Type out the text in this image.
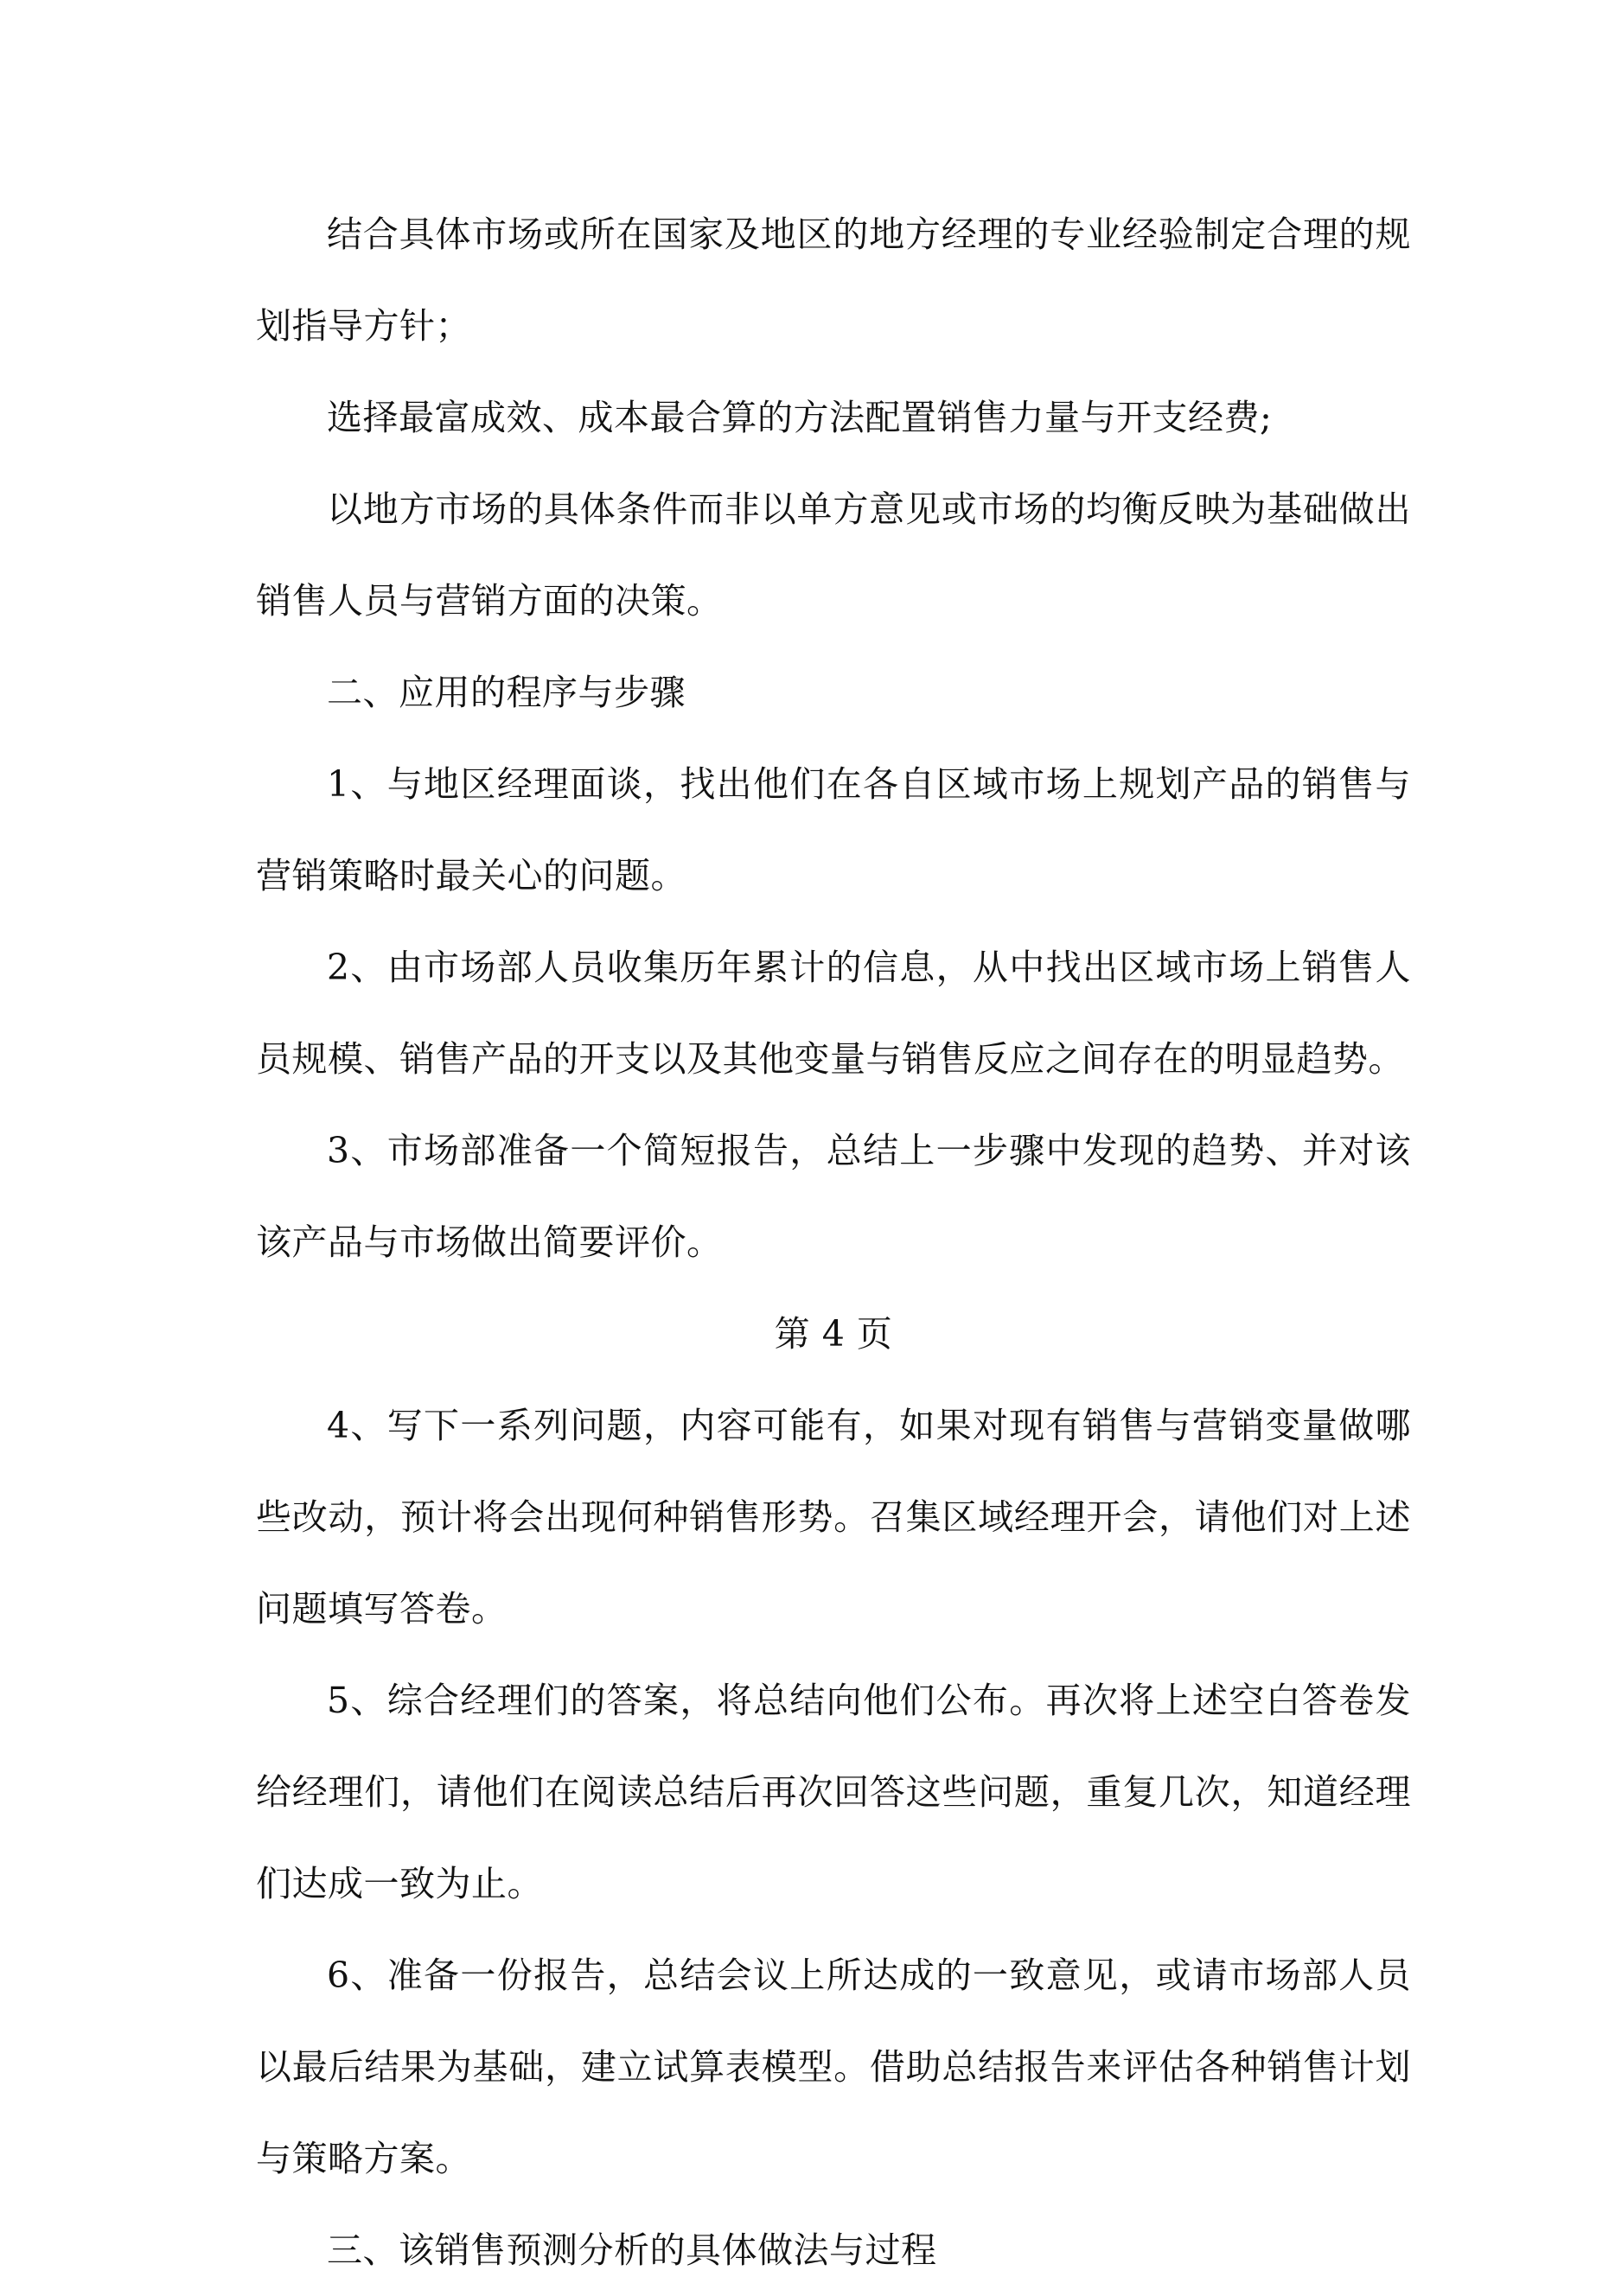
结合具体市场或所在国家及地区的地方经理的专业经验制定合理的规划指导方针；

选择最富成效、成本最合算的方法配置销售力量与开支经费;

以地方市场的具体条件而非以单方意见或市场的均衡反映为基础做出销售人员与营销方面的决策。

二、应用的程序与步骤

1、与地区经理面谈，找出他们在各自区域市场上规划产品的销售与营销策略时最关心的问题。

2、由市场部人员收集历年累计的信息，从中找出区域市场上销售人员规模、销售产品的开支以及其他变量与销售反应之间存在的明显趋势。

3、市场部准备一个简短报告，总结上一步骤中发现的趋势、并对该该产品与市场做出简要评价。

第 4 页

4、写下一系列问题，内容可能有，如果对现有销售与营销变量做哪些改动，预计将会出现何种销售形势。召集区域经理开会，请他们对上述问题填写答卷。

5、综合经理们的答案，将总结向他们公布。再次将上述空白答卷发给经理们，请他们在阅读总结后再次回答这些问题，重复几次，知道经理们达成一致为止。

6、准备一份报告，总结会议上所达成的一致意见，或请市场部人员以最后结果为基础，建立试算表模型。借助总结报告来评估各种销售计划与策略方案。

三、该销售预测分析的具体做法与过程
